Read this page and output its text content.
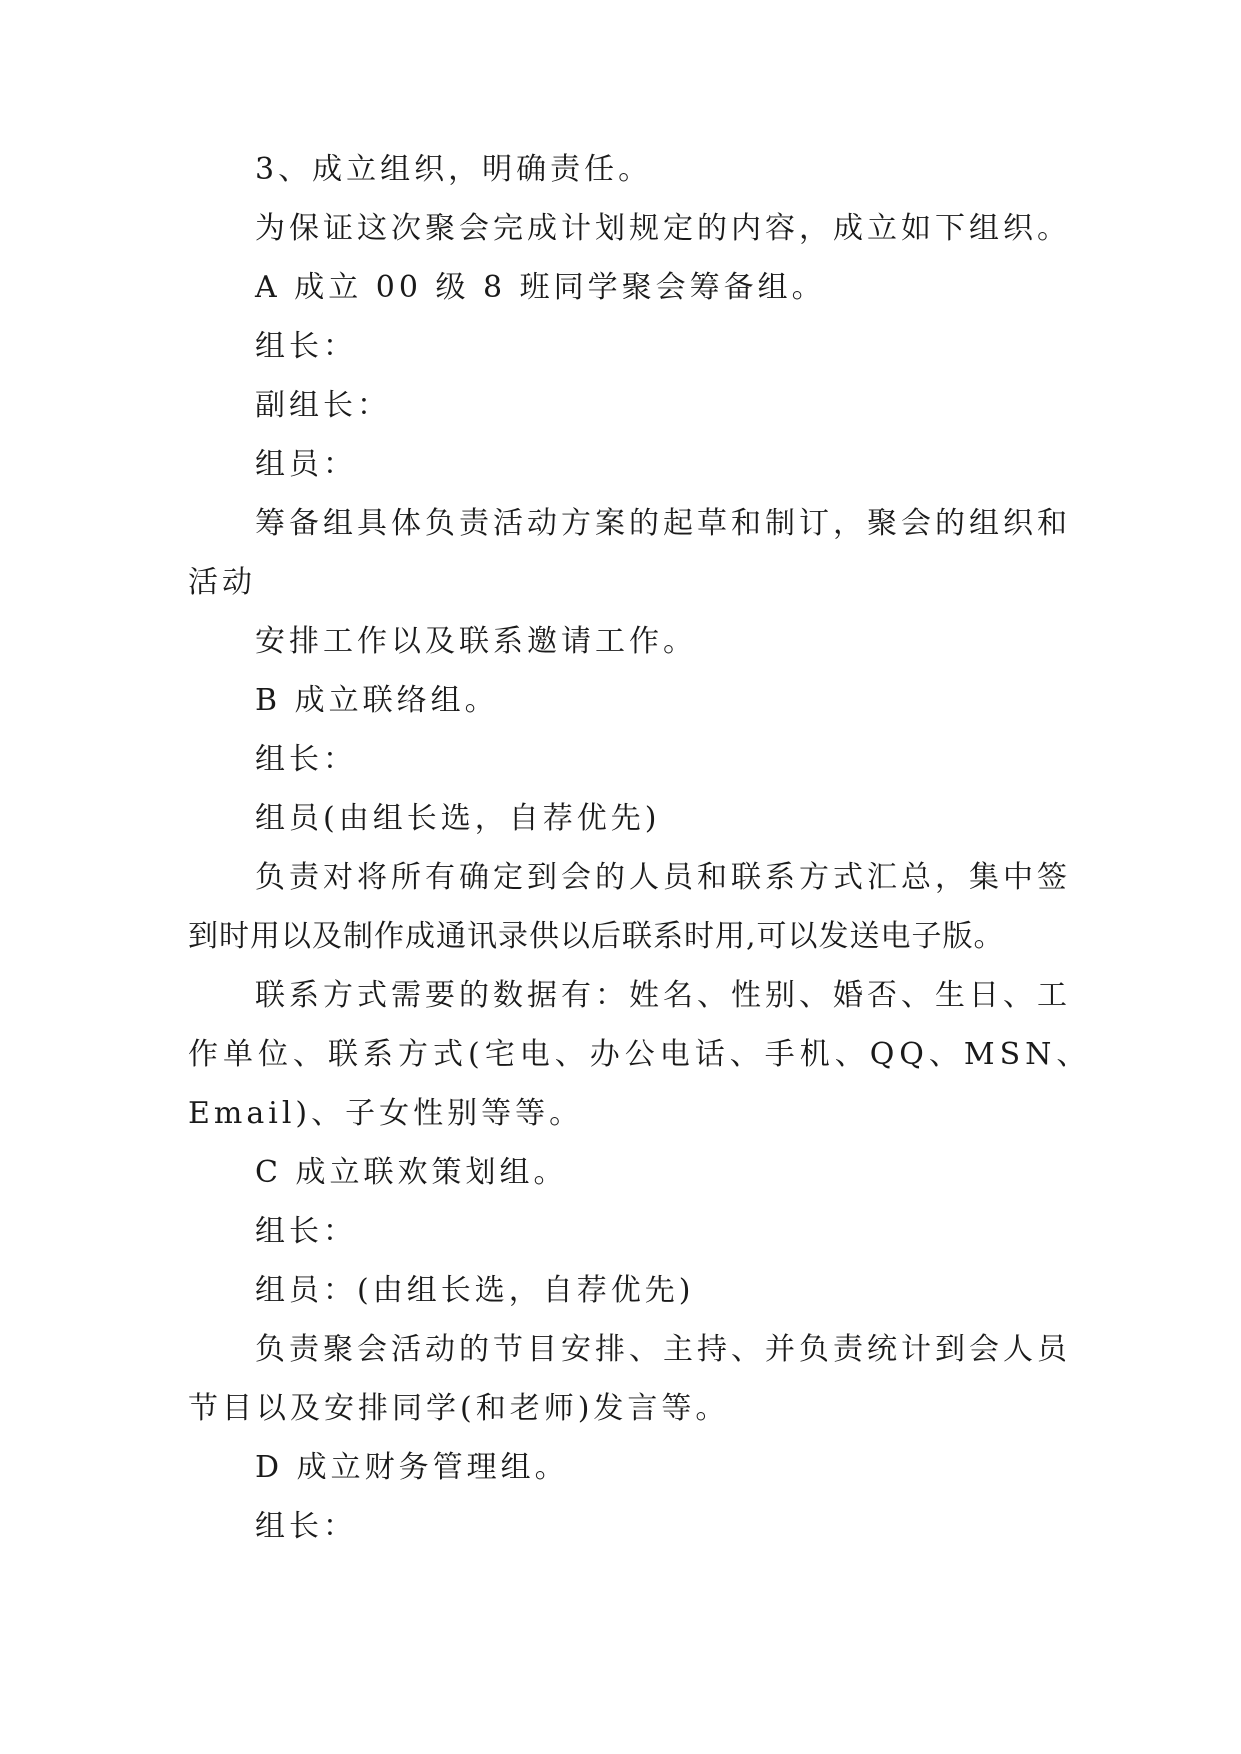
3、成立组织，明确责任。
为保证这次聚会完成计划规定的内容，成立如下组织。
A 成立 00 级 8 班同学聚会筹备组。
组长：
副组长：
组员：
筹备组具体负责活动方案的起草和制订，聚会的组织和
活动
安排工作以及联系邀请工作。
B 成立联络组。
组长：
组员(由组长选，自荐优先)
负责对将所有确定到会的人员和联系方式汇总，集中签
到时用以及制作成通讯录供以后联系时用,可以发送电子版。
联系方式需要的数据有：姓名、性别、婚否、生日、工
作单位、联系方式(宅电、办公电话、手机、QQ、MSN、
Email)、子女性别等等。
C 成立联欢策划组。
组长：
组员：(由组长选，自荐优先)
负责聚会活动的节目安排、主持、并负责统计到会人员
节目以及安排同学(和老师)发言等。
D 成立财务管理组。
组长：
